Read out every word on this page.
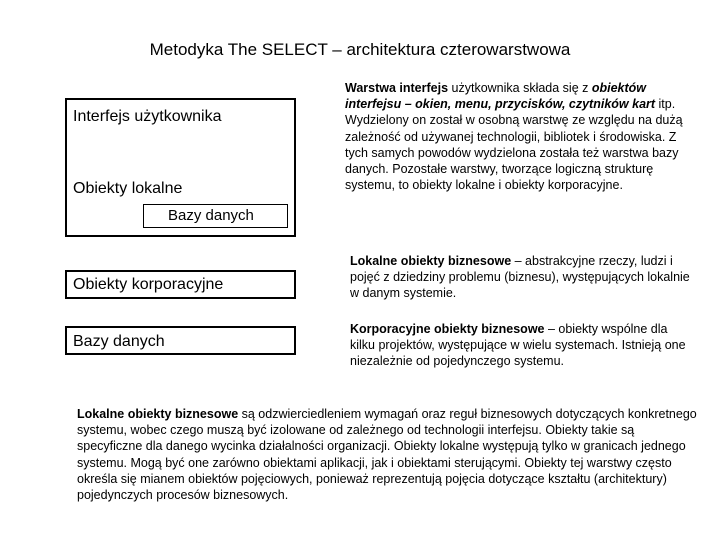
Metodyka The SELECT – architektura czterowarstwowa
Interfejs użytkownika
Obiekty lokalne
Bazy danych
Obiekty korporacyjne
Bazy danych
Warstwa interfejs użytkownika składa się z obiektów interfejsu – okien, menu, przycisków, czytników kart itp. Wydzielony on został w osobną warstwę ze względu na dużą zależność od używanej technologii, bibliotek i środowiska. Z tych samych powodów wydzielona została też warstwa bazy danych. Pozostałe warstwy, tworzące logiczną strukturę systemu, to obiekty lokalne i obiekty korporacyjne.
Lokalne obiekty biznesowe – abstrakcyjne rzeczy, ludzi i pojęć z dziedziny problemu (biznesu), występujących lokalnie w danym systemie.
Korporacyjne obiekty biznesowe – obiekty wspólne dla kilku projektów, występujące w wielu systemach. Istnieją one niezależnie od pojedynczego systemu.
Lokalne obiekty biznesowe są odzwierciedleniem wymagań oraz reguł biznesowych dotyczących konkretnego systemu, wobec czego muszą być izolowane od zależnego od technologii interfejsu. Obiekty takie są specyficzne dla danego wycinka działalności organizacji. Obiekty lokalne występują tylko w granicach jednego systemu. Mogą być one zarówno obiektami aplikacji, jak i obiektami sterującymi. Obiekty tej warstwy często określa się mianem obiektów pojęciowych, ponieważ reprezentują pojęcia dotyczące kształtu (architektury) pojedynczych procesów biznesowych.
